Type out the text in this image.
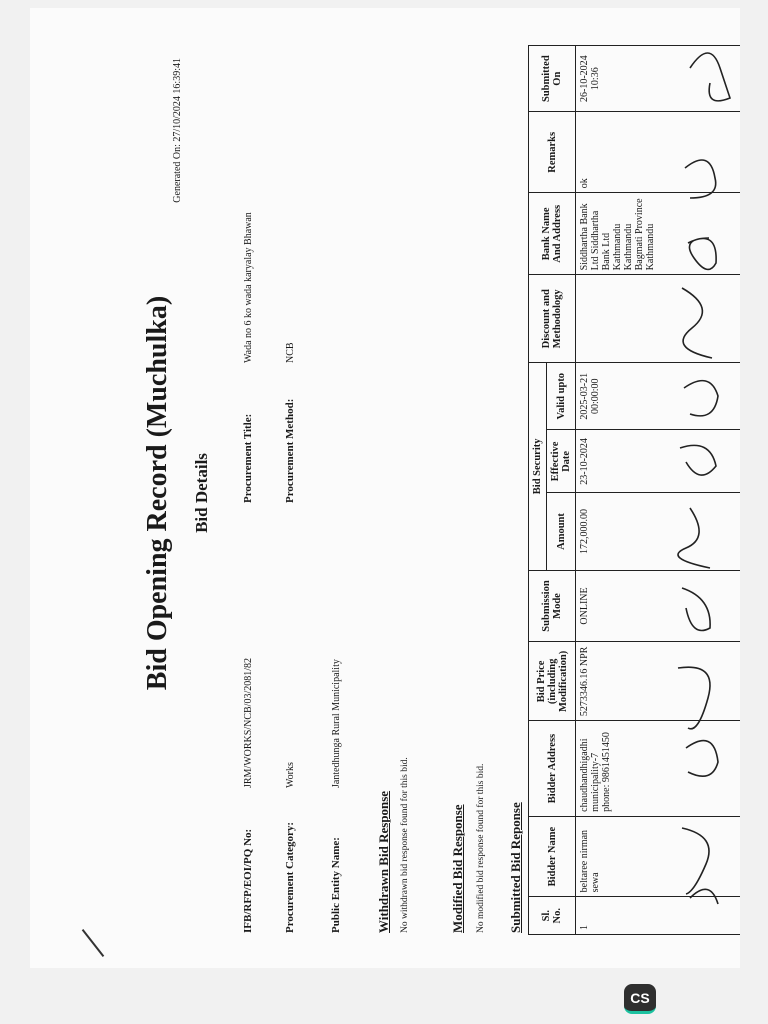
Bid Opening Record (Muchulka)
Generated On: 27/10/2024 16:39:41
Bid Details
IFB/RFP/EOI/PQ No:
JRM/WORKS/NCB/03/2081/82
Procurement Title:
Wada no 6 ko wada karyalay Bhawan
Procurement Category:
Works
Procurement Method:
NCB
Public Entity Name:
Jantedhunga Rural Municipality
Withdrawn Bid Response No withdrawn bid response found for this bid.	Modified Bid Response No modified bid response found for this bid. Submitted Bid Reponse Sl. No.	Bidder Name	Bidder Address	Bid Price (including Modification)	Submission Mode	Bid Security			Discount and Methodology	Bank Name And Address	Remarks	Submitted On
					Amount	Effective Date	Valid upto				
1	beltaree nirman sewa	chaudhandhigadhi municipality-7 phone: 9861451450	5273346.16 NPR	ONLINE	172,000.00	23-10-2024	2025-03-21 00:00:00		Siddhartha Bank Ltd Siddhartha Bank Ltd Kathmandu Kathmandu Bagmati Province Kathmandu	ok	26-10-2024 10:36
CS
